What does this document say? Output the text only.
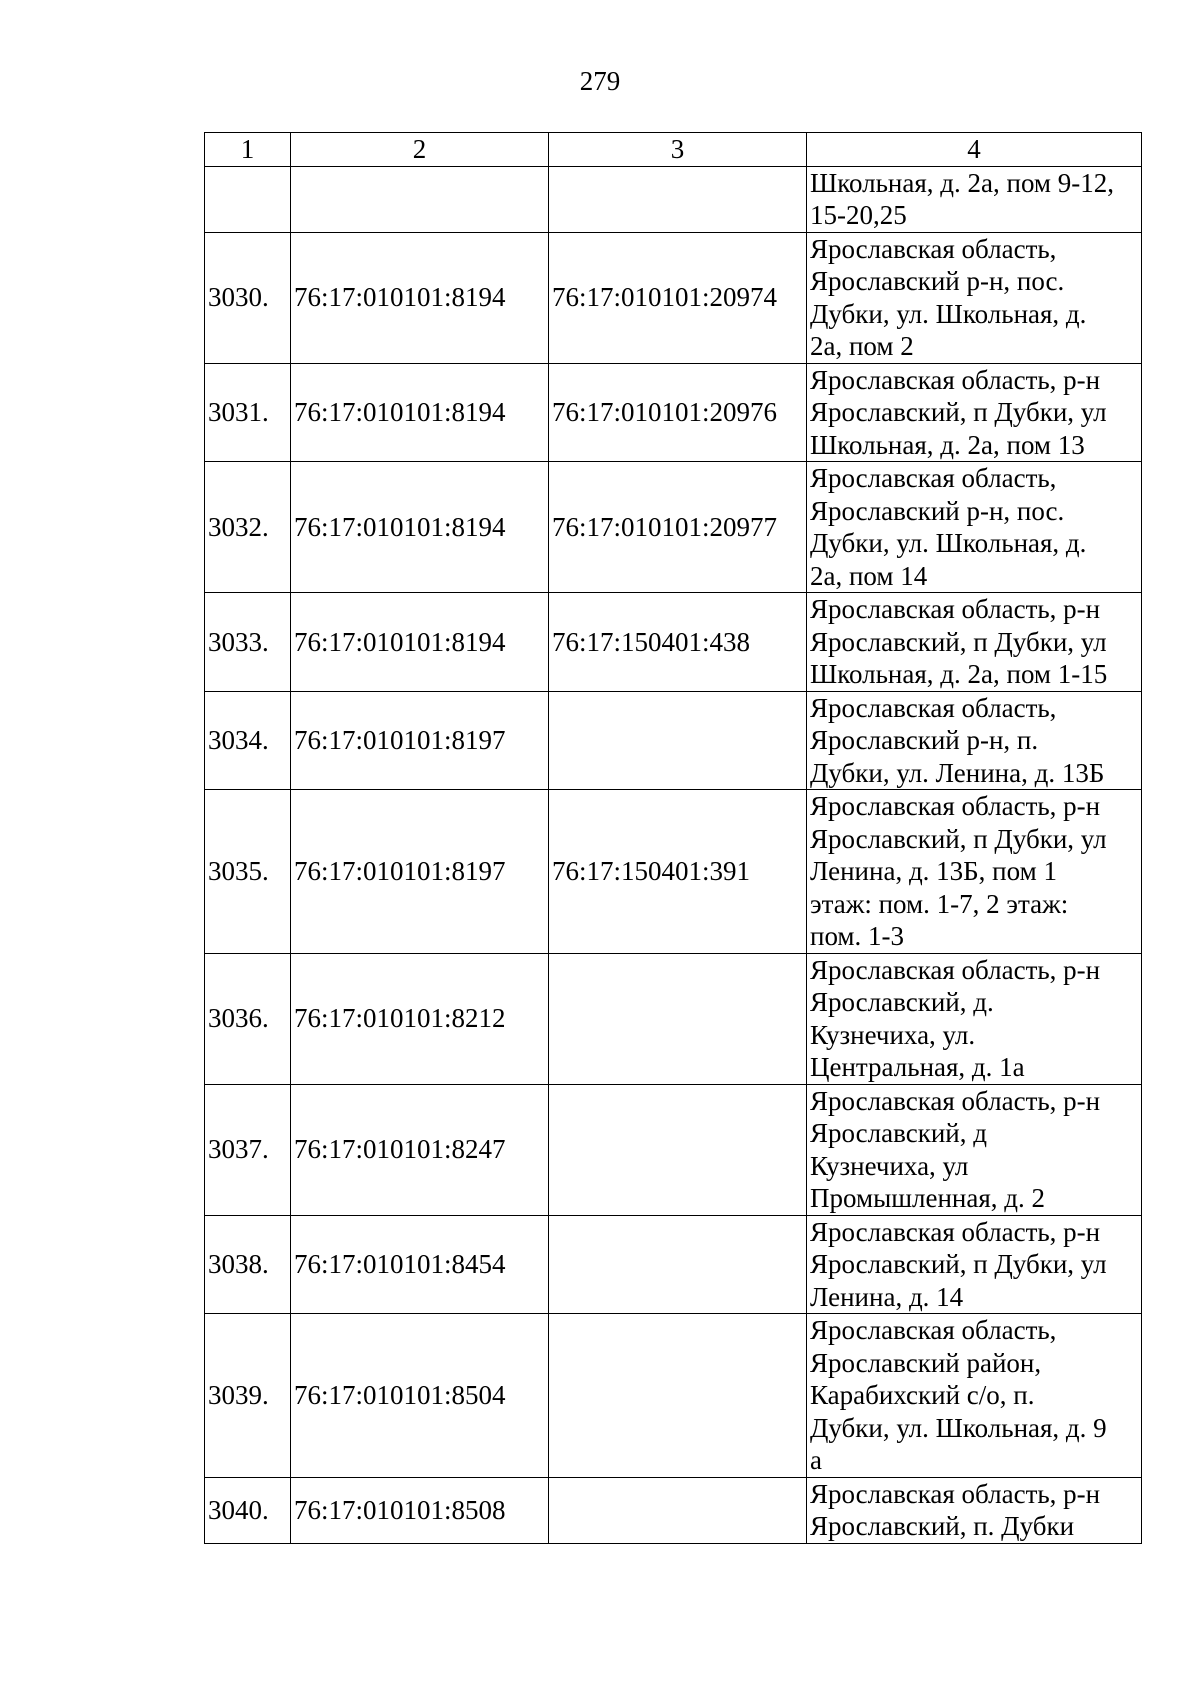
279
1	2	3	4

			Школьная, д. 2а, пом 9-12,
15-20,25

3030.	76:17:010101:8194	76:17:010101:20974	Ярославская область,
Ярославский р-н, пос.
Дубки, ул. Школьная, д.
2а, пом 2

3031.	76:17:010101:8194	76:17:010101:20976	Ярославская область, р-н
Ярославский, п Дубки, ул
Школьная, д. 2а, пом 13

3032.	76:17:010101:8194	76:17:010101:20977	Ярославская область,
Ярославский р-н, пос.
Дубки, ул. Школьная, д.
2а, пом 14

3033.	76:17:010101:8194	76:17:150401:438	Ярославская область, р-н
Ярославский, п Дубки, ул
Школьная, д. 2а, пом 1-15

3034.	76:17:010101:8197		Ярославская область,
Ярославский р-н, п.
Дубки, ул. Ленина, д. 13Б

3035.	76:17:010101:8197	76:17:150401:391	Ярославская область, р-н
Ярославский, п Дубки, ул
Ленина, д. 13Б, пом 1
этаж: пом. 1-7, 2 этаж:
пом. 1-3

3036.	76:17:010101:8212		Ярославская область, р-н
Ярославский, д.
Кузнечиха, ул.
Центральная, д. 1а

3037.	76:17:010101:8247		Ярославская область, р-н
Ярославский, д
Кузнечиха, ул
Промышленная, д. 2

3038.	76:17:010101:8454		Ярославская область, р-н
Ярославский, п Дубки, ул
Ленина, д. 14

3039.	76:17:010101:8504		Ярославская область,
Ярославский район,
Карабихский с/о, п.
Дубки, ул. Школьная, д. 9
а

3040.	76:17:010101:8508		Ярославская область, р-н
Ярославский, п. Дубки
